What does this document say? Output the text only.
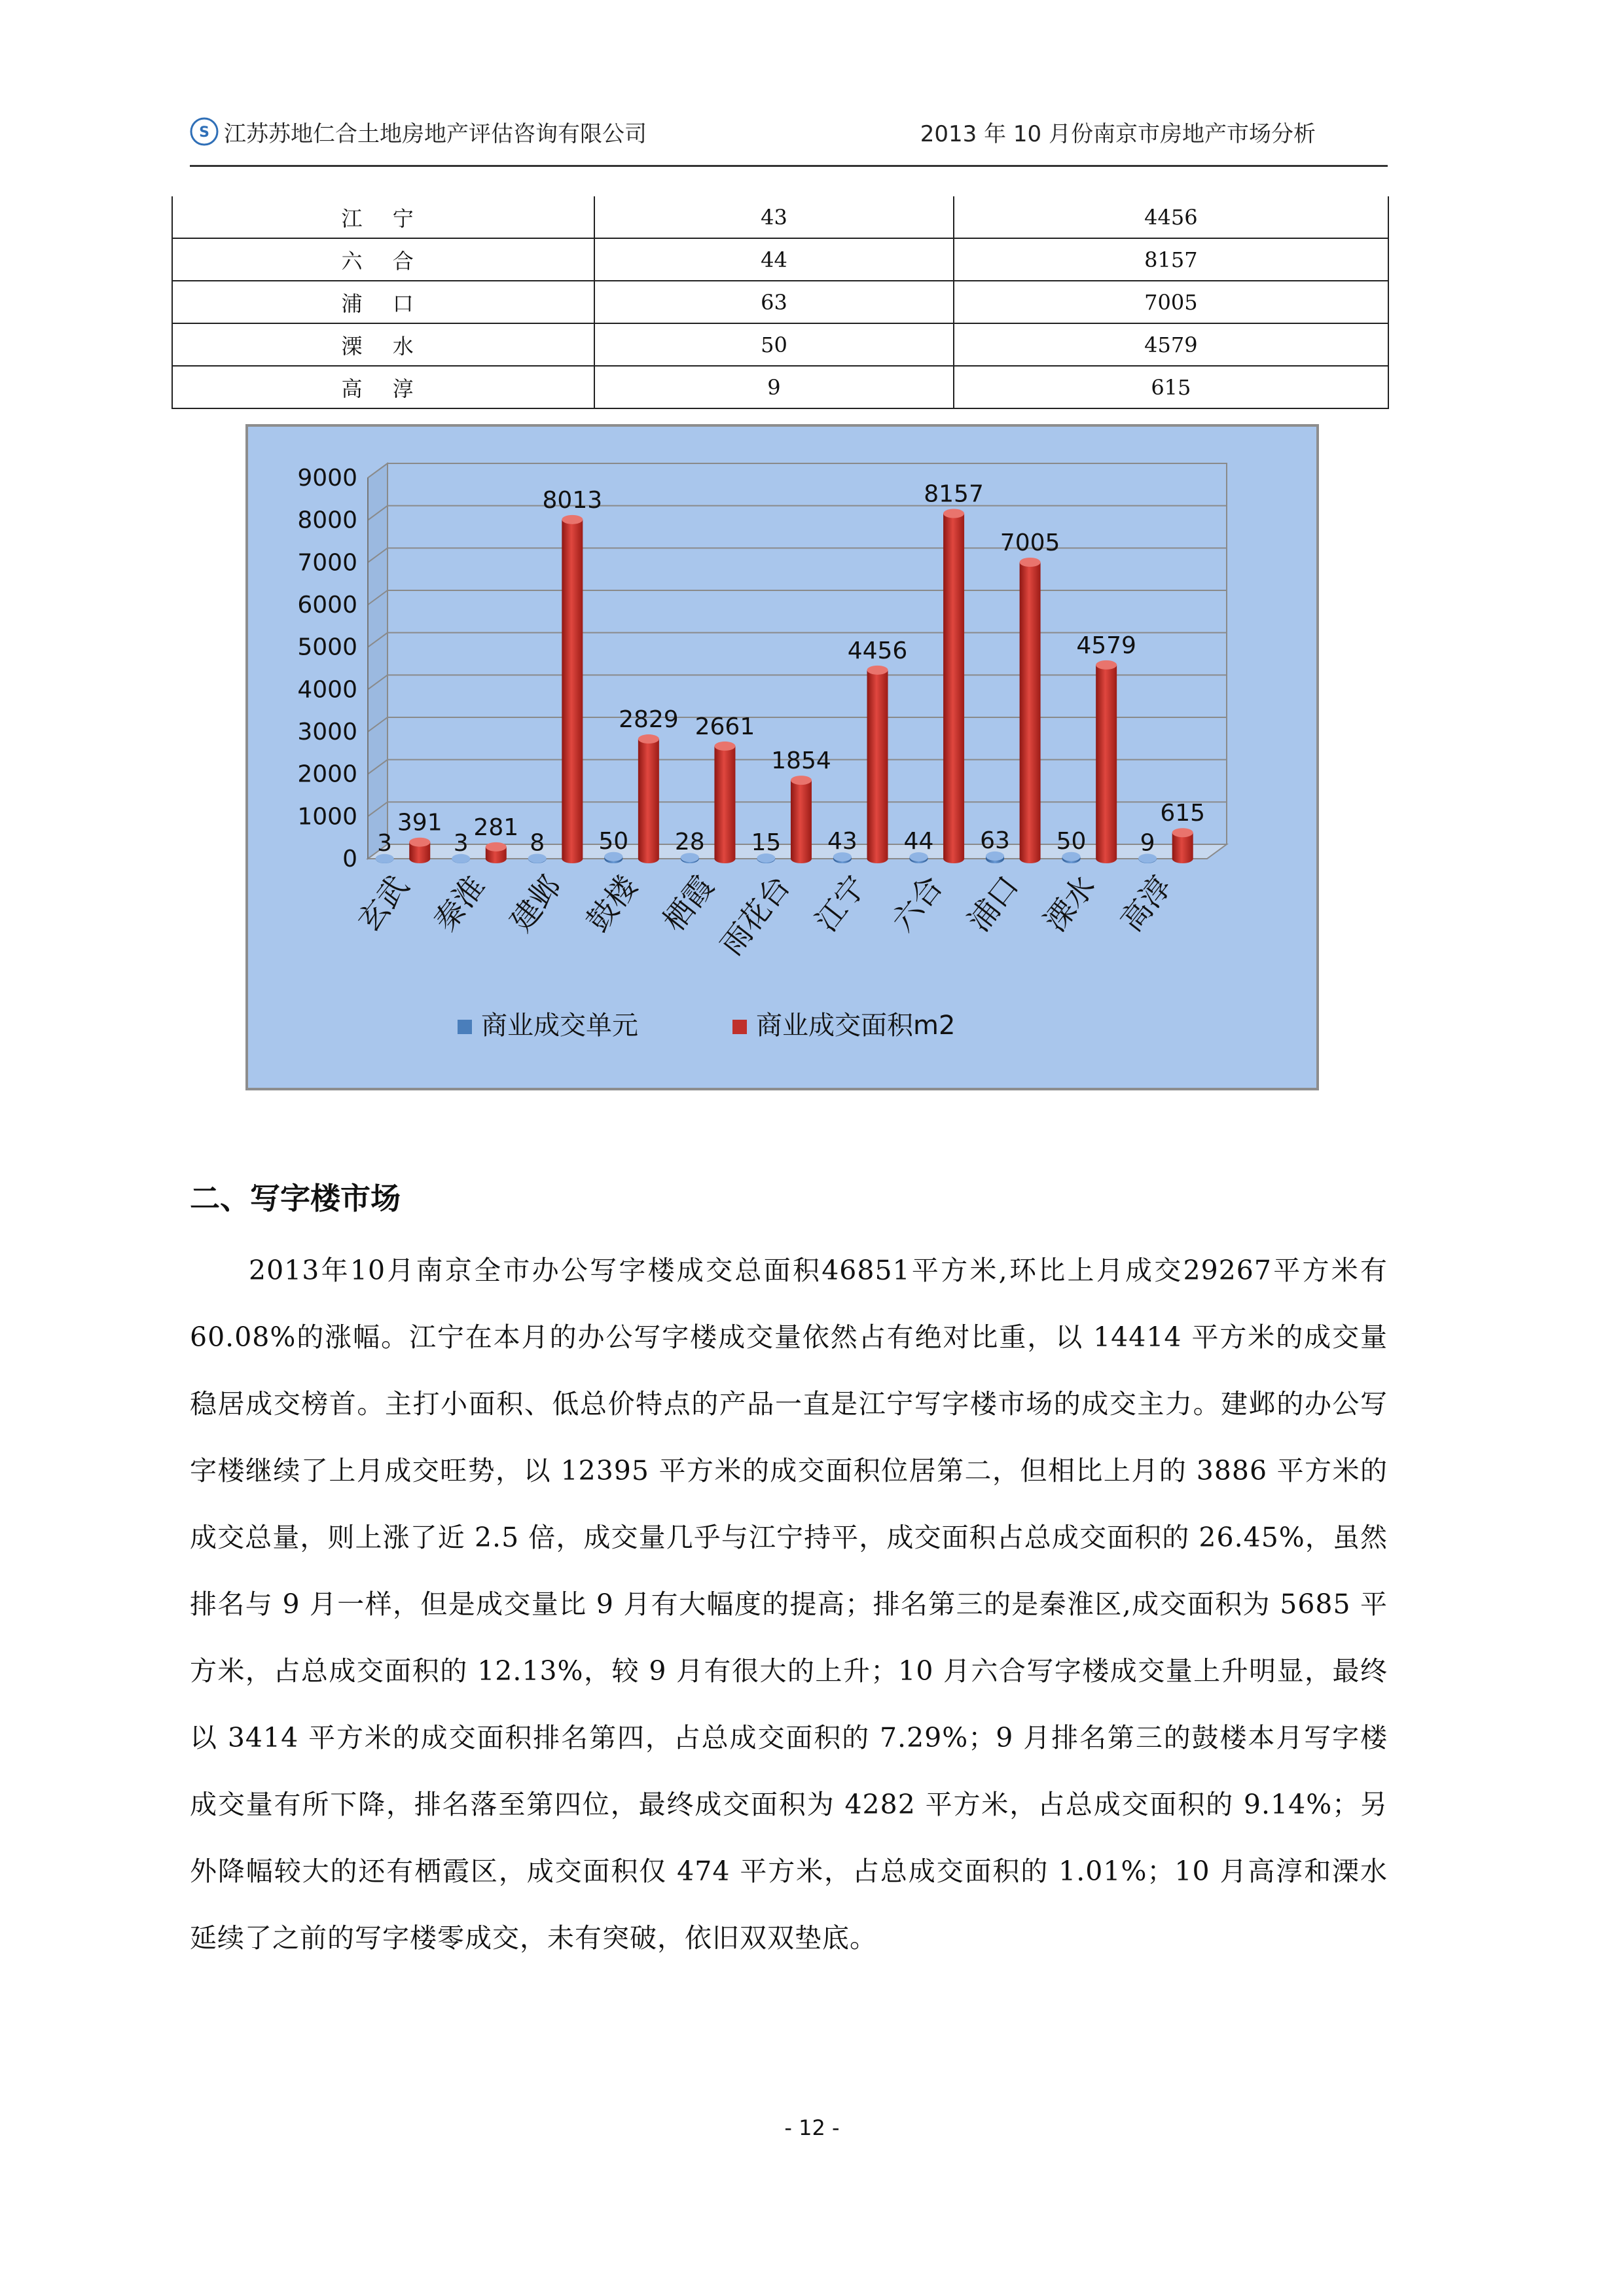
S 江苏苏地仁合土地房地产评估咨询有限公司	2013 年 10 月份南京市房地产市场分析
江 宁	43	4456
六 合	44	8157
浦 口	63	7005
溧 水	50	4579
高 淳	9	615
0
1000
2000
3000
4000
5000
6000
7000
8000
9000
3
391
3
281
8
8013
50
2829
28
2661
15
1854
43
4456
44
8157
63
7005
50
4579
9
615
玄武 秦淮 建邺 鼓楼 栖霞
雨花台 江宁 六合 浦口 溧水 高淳
商业成交单元	商业成交面积m2
二、写字楼市场
2013年10月南京全市办公写字楼成交总面积46851平方米,环比上月成交29267平方米有 60.08%的涨幅。江宁在本月的办公写字楼成交量依然占有绝对比重，以 14414 平方米的成交量稳居成交榜首。主打小面积、低总价特点的产品一直是江宁写字楼市场的成交主力。建邺的办公写字楼继续了上月成交旺势，以 12395 平方米的成交面积位居第二，但相比上月的 3886 平方米的成交总量，则上涨了近 2.5 倍，成交量几乎与江宁持平，成交面积占总成交面积的 26.45%，虽然排名与 9 月一样，但是成交量比 9 月有大幅度的提高；排名第三的是秦淮区,成交面积为 5685 平方米，占总成交面积的 12.13%，较 9 月有很大的上升；10 月六合写字楼成交量上升明显，最终以 3414 平方米的成交面积排名第四，占总成交面积的 7.29%；9 月排名第三的鼓楼本月写字楼成交量有所下降，排名落至第四位，最终成交面积为 4282 平方米，占总成交面积的 9.14%；另外降幅较大的还有栖霞区，成交面积仅 474 平方米，占总成交面积的 1.01%；10 月高淳和溧水延续了之前的写字楼零成交，未有突破，依旧双双垫底。
- 12 -
